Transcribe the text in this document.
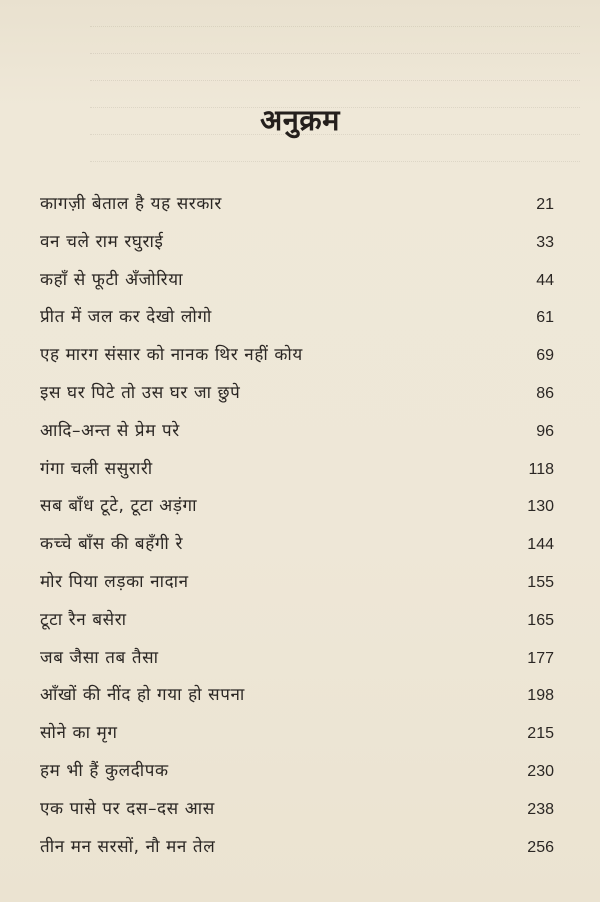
अनुक्रम
कागज़ी बेताल है यह सरकार	21
वन चले राम रघुराई	33
कहाँ से फूटी अँजोरिया	44
प्रीत में जल कर देखो लोगो	61
एह मारग संसार को नानक थिर नहीं कोय	69
इस घर पिटे तो उस घर जा छुपे	86
आदि–अन्त से प्रेम परे	96
गंगा चली ससुरारी	118
सब बाँध टूटे, टूटा अड़ंगा	130
कच्चे बाँस की बहँगी रे	144
मोर पिया लड़का नादान	155
टूटा रैन बसेरा	165
जब जैसा तब तैसा	177
आँखों की नींद हो गया हो सपना	198
सोने का मृग	215
हम भी हैं कुलदीपक	230
एक पासे पर दस–दस आस	238
तीन मन सरसों, नौ मन तेल	256
